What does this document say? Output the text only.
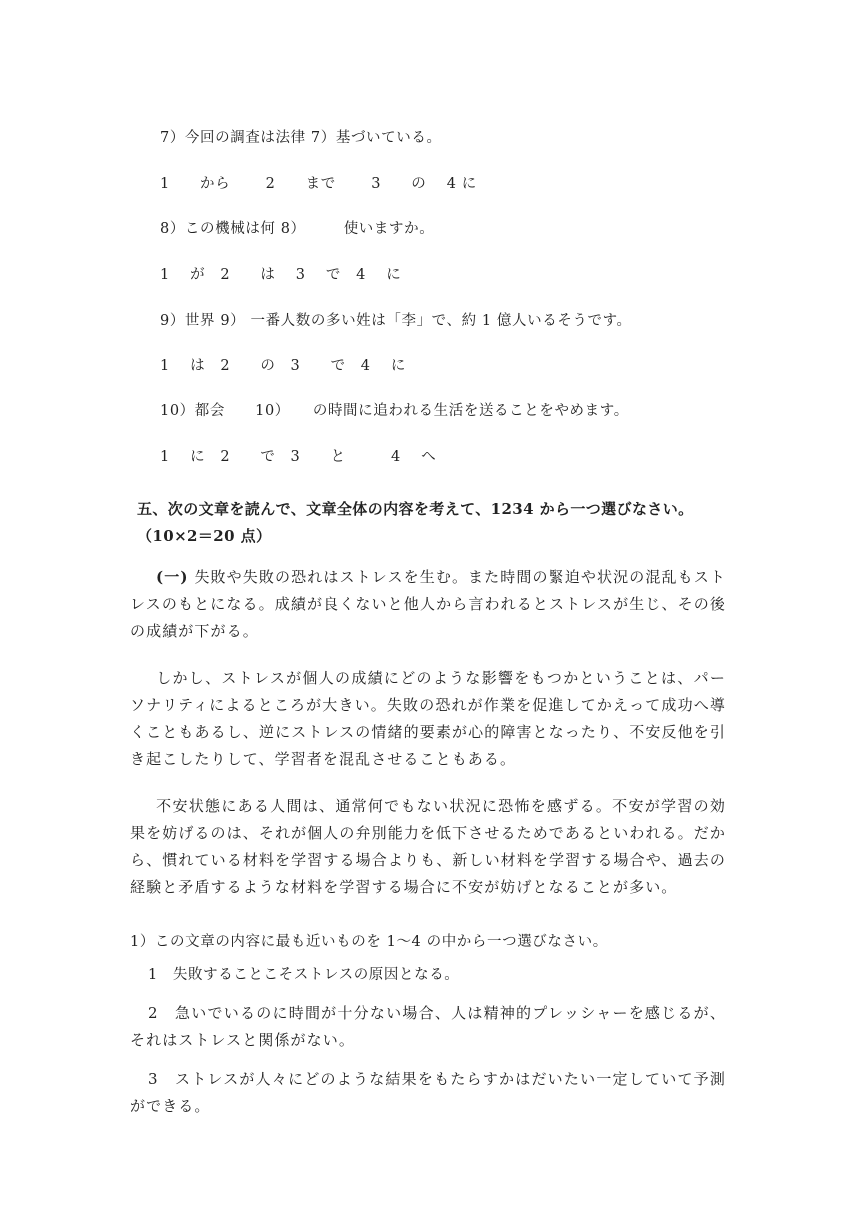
7）今回の調査は法律 7）基づいている。
1　　から　　 2　　まで　　 3　　の　 4 に
8）この機械は何 8）　　　使いますか。
1　 が　2　　は　 3　 で　4　 に
9）世界 9） 一番人数の多い姓は「李」で、約 1 億人いるそうです。
1　 は　2　　の　3　　で　4　 に
10）都会　　10）　　の時間に追われる生活を送ることをやめます。
1　 に　2　　で　3　　と　　　4　 へ
五、次の文章を読んで、文章全体の内容を考えて、1234 から一つ選びなさい。（10×2＝20 点）
(一) 失敗や失敗の恐れはストレスを生む。また時間の緊迫や状況の混乱もストレスのもとになる。成績が良くないと他人から言われるとストレスが生じ、その後の成績が下がる。
しかし、ストレスが個人の成績にどのような影響をもつかということは、パーソナリティによるところが大きい。失敗の恐れが作業を促進してかえって成功へ導くこともあるし、逆にストレスの情緒的要素が心的障害となったり、不安反他を引き起こしたりして、学習者を混乱させることもある。
不安状態にある人間は、通常何でもない状況に恐怖を感ずる。不安が学習の効果を妨げるのは、それが個人の弁別能力を低下させるためであるといわれる。だから、慣れている材料を学習する場合よりも、新しい材料を学習する場合や、過去の経験と矛盾するような材料を学習する場合に不安が妨げとなることが多い。
1）この文章の内容に最も近いものを 1～4 の中から一つ選びなさい。
1　失敗することこそストレスの原因となる。
2　急いでいるのに時間が十分ない場合、人は精神的プレッシャーを感じるが、それはストレスと関係がない。
3　ストレスが人々にどのような結果をもたらすかはだいたい一定していて予測ができる。
